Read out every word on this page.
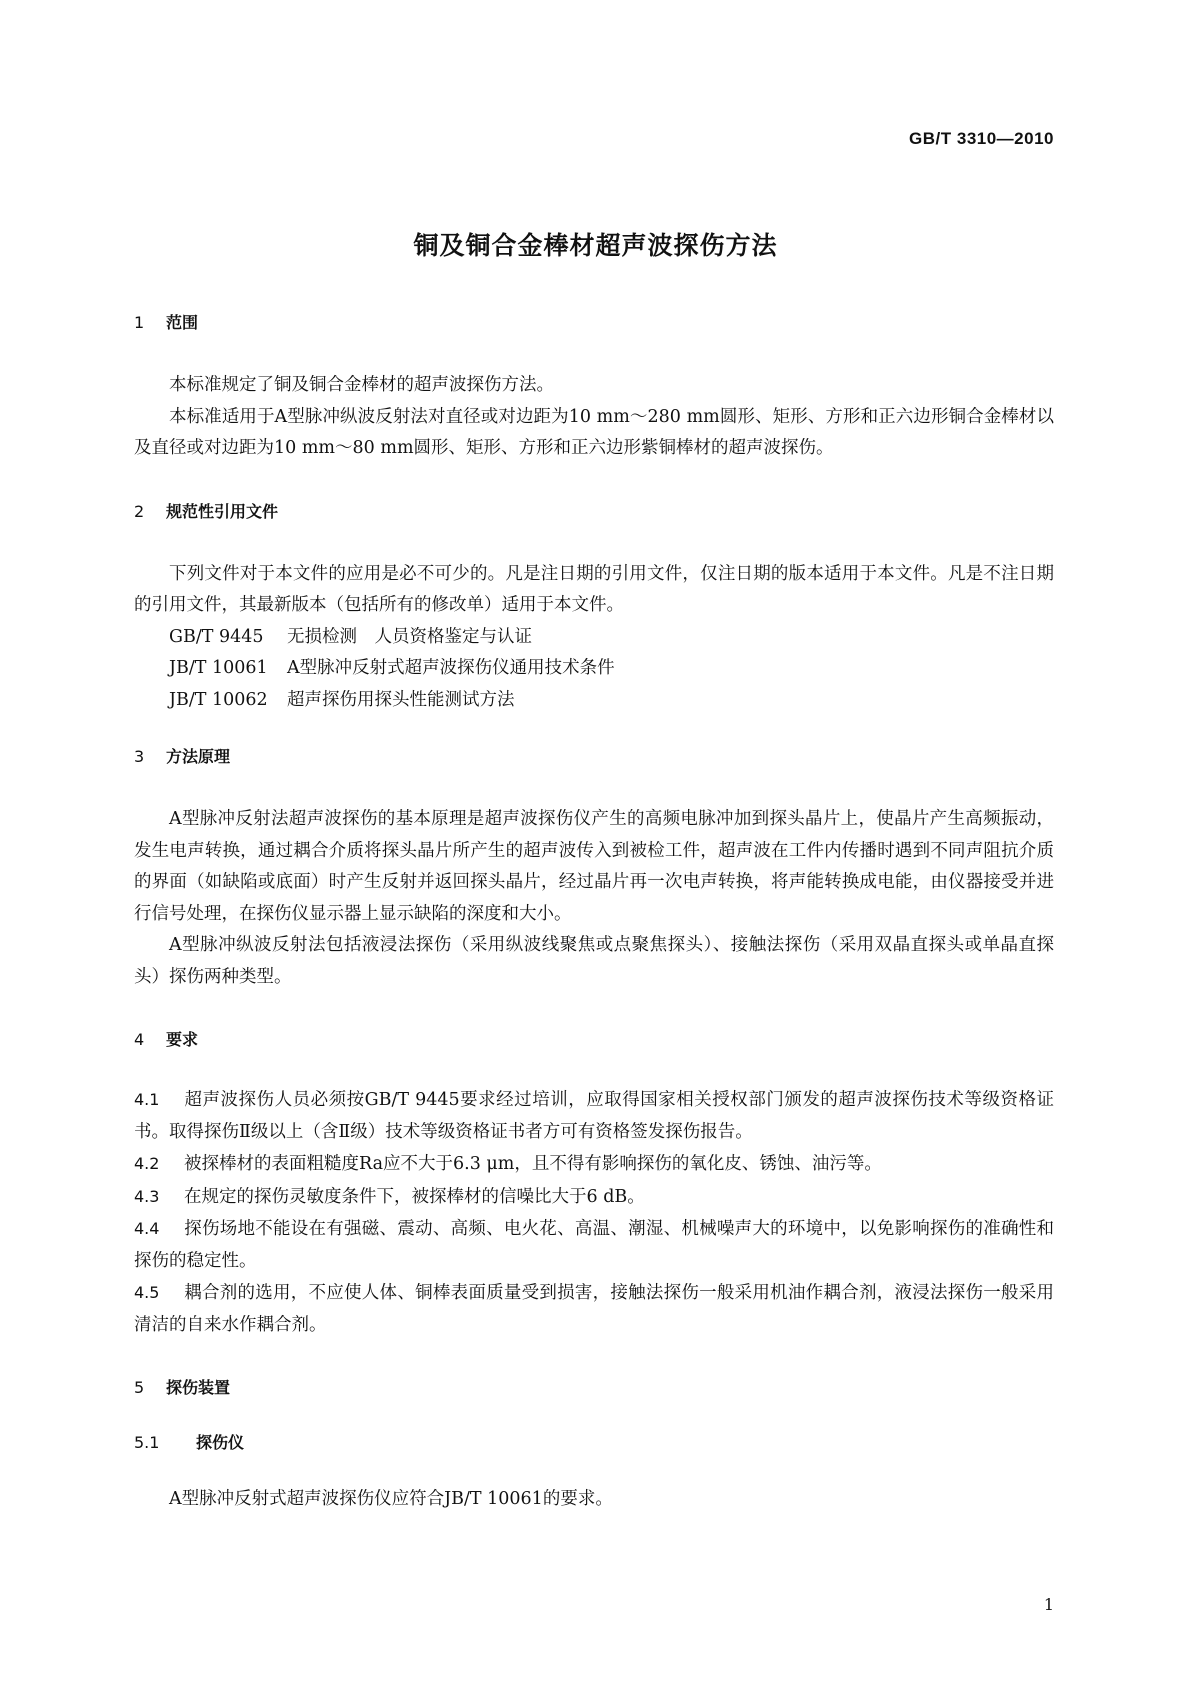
GB/T 3310—2010
铜及铜合金棒材超声波探伤方法
1 范围

本标准规定了铜及铜合金棒材的超声波探伤方法。

本标准适用于A型脉冲纵波反射法对直径或对边距为10 mm～280 mm圆形、矩形、方形和正六边形铜合金棒材以及直径或对边距为10 mm～80 mm圆形、矩形、方形和正六边形紫铜棒材的超声波探伤。

2 规范性引用文件

下列文件对于本文件的应用是必不可少的。凡是注日期的引用文件，仅注日期的版本适用于本文件。凡是不注日期的引用文件，其最新版本（包括所有的修改单）适用于本文件。

GB/T 9445 无损检测　人员资格鉴定与认证
JB/T 10061 A型脉冲反射式超声波探伤仪通用技术条件
JB/T 10062 超声探伤用探头性能测试方法
3 方法原理

A型脉冲反射法超声波探伤的基本原理是超声波探伤仪产生的高频电脉冲加到探头晶片上，使晶片产生高频振动，发生电声转换，通过耦合介质将探头晶片所产生的超声波传入到被检工件，超声波在工件内传播时遇到不同声阻抗介质的界面（如缺陷或底面）时产生反射并返回探头晶片，经过晶片再一次电声转换，将声能转换成电能，由仪器接受并进行信号处理，在探伤仪显示器上显示缺陷的深度和大小。

A型脉冲纵波反射法包括液浸法探伤（采用纵波线聚焦或点聚焦探头）、接触法探伤（采用双晶直探头或单晶直探头）探伤两种类型。

4 要求

4.1 超声波探伤人员必须按GB/T 9445要求经过培训，应取得国家相关授权部门颁发的超声波探伤技术等级资格证书。取得探伤Ⅱ级以上（含Ⅱ级）技术等级资格证书者方可有资格签发探伤报告。

4.2 被探棒材的表面粗糙度Ra应不大于6.3 μm，且不得有影响探伤的氧化皮、锈蚀、油污等。

4.3 在规定的探伤灵敏度条件下，被探棒材的信噪比大于6 dB。

4.4 探伤场地不能设在有强磁、震动、高频、电火花、高温、潮湿、机械噪声大的环境中，以免影响探伤的准确性和探伤的稳定性。

4.5 耦合剂的选用，不应使人体、铜棒表面质量受到损害，接触法探伤一般采用机油作耦合剂，液浸法探伤一般采用清洁的自来水作耦合剂。

5 探伤装置
5.1 探伤仪

A型脉冲反射式超声波探伤仪应符合JB/T 10061的要求。

1
